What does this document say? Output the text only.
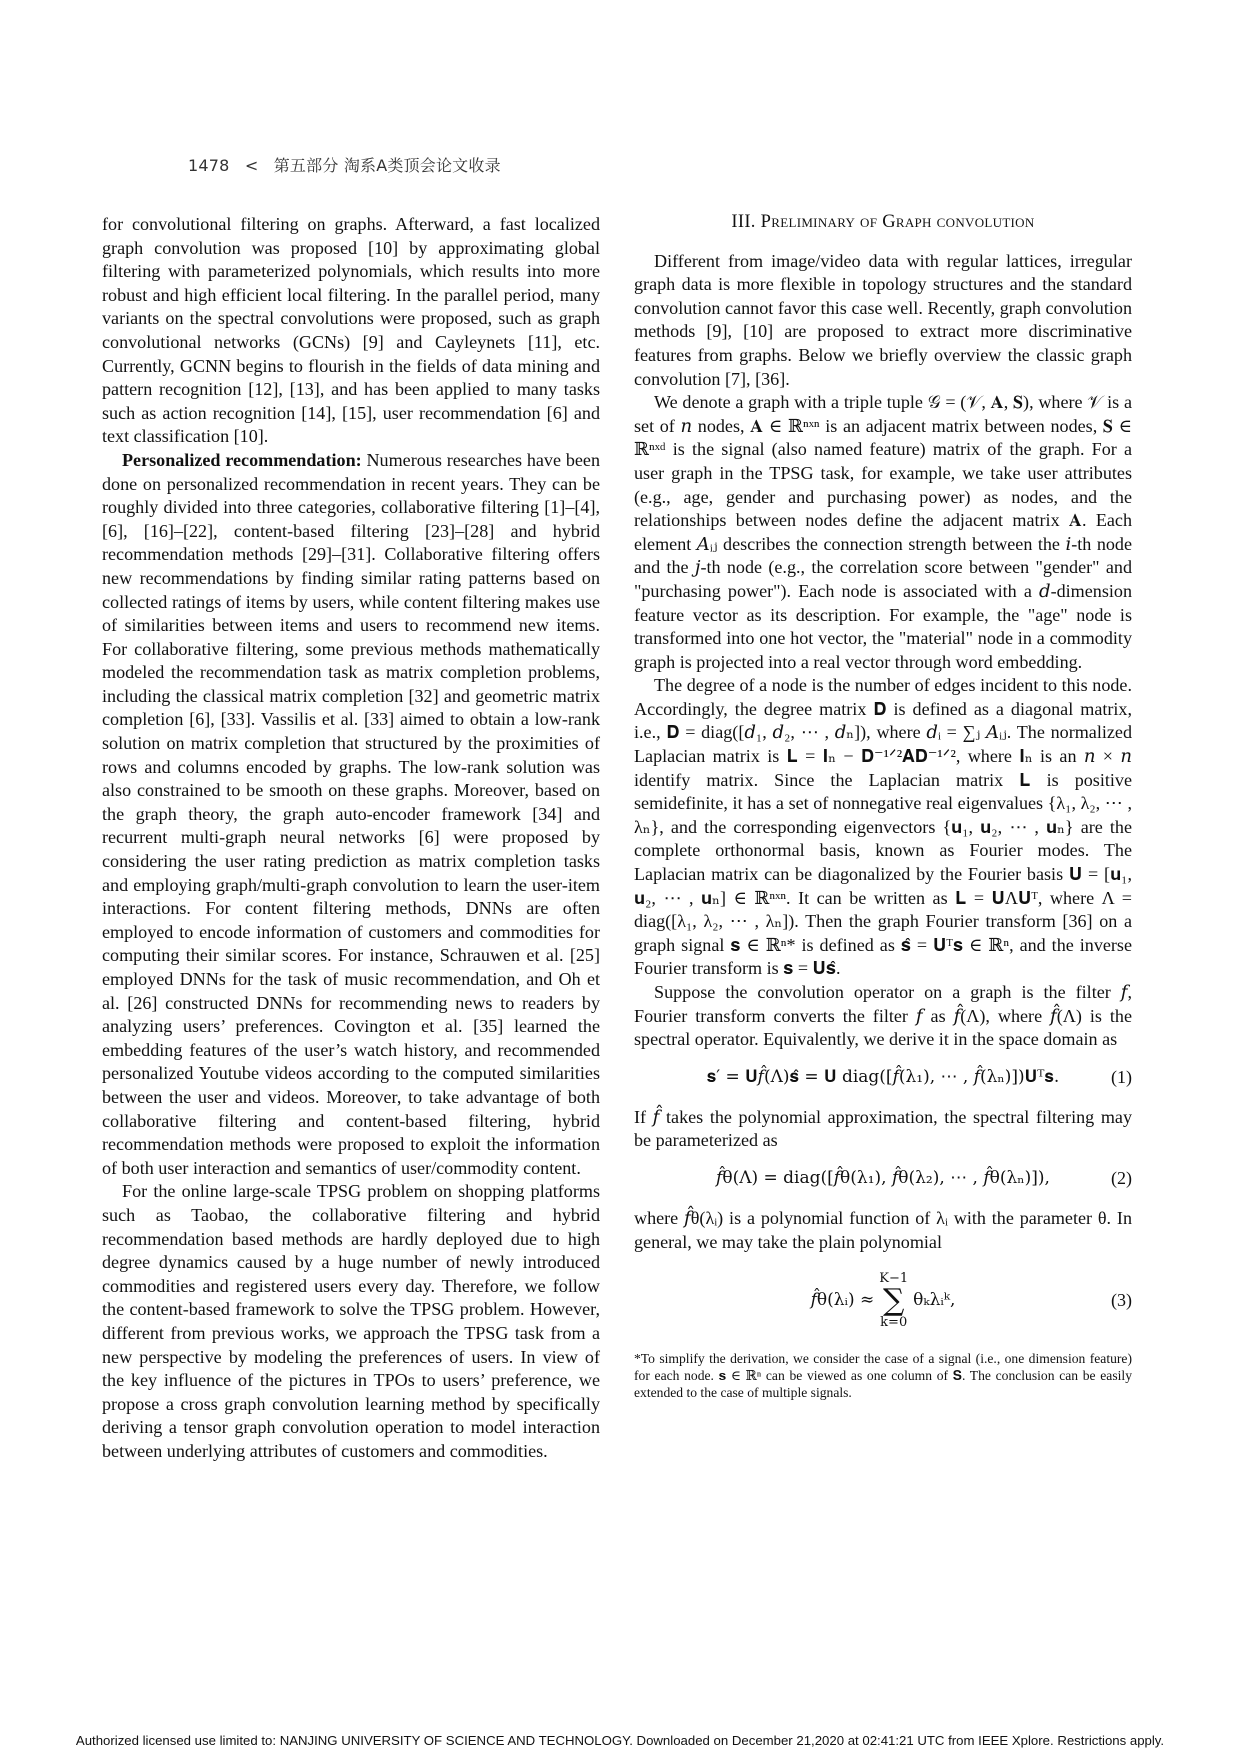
1478 < 第五部分 淘系A类顶会论文收录

for convolutional filtering on graphs. Afterward, a fast localized graph convolution was proposed [10] by approximating global filtering with parameterized polynomials, which results into more robust and high efficient local filtering. In the parallel period, many variants on the spectral convolutions were proposed, such as graph convolutional networks (GCNs) [9] and Cayleynets [11], etc. Currently, GCNN begins to flourish in the fields of data mining and pattern recognition [12], [13], and has been applied to many tasks such as action recognition [14], [15], user recommendation [6] and text classification [10].

Personalized recommendation: Numerous researches have been done on personalized recommendation in recent years. They can be roughly divided into three categories, collaborative filtering [1]–[4], [6], [16]–[22], content-based filtering [23]–[28] and hybrid recommendation methods [29]–[31]. Collaborative filtering offers new recommendations by finding similar rating patterns based on collected ratings of items by users, while content filtering makes use of similarities between items and users to recommend new items. For collaborative filtering, some previous methods mathematically modeled the recommendation task as matrix completion problems, including the classical matrix completion [32] and geometric matrix completion [6], [33]. Vassilis et al. [33] aimed to obtain a low-rank solution on matrix completion that structured by the proximities of rows and columns encoded by graphs. The low-rank solution was also constrained to be smooth on these graphs. Moreover, based on the graph theory, the graph auto-encoder framework [34] and recurrent multi-graph neural networks [6] were proposed by considering the user rating prediction as matrix completion tasks and employing graph/multi-graph convolution to learn the user-item interactions. For content filtering methods, DNNs are often employed to encode information of customers and commodities for computing their similar scores. For instance, Schrauwen et al. [25] employed DNNs for the task of music recommendation, and Oh et al. [26] constructed DNNs for recommending news to readers by analyzing users’ preferences. Covington et al. [35] learned the embedding features of the user’s watch history, and recommended personalized Youtube videos according to the computed similarities between the user and videos. Moreover, to take advantage of both collaborative filtering and content-based filtering, hybrid recommendation methods were proposed to exploit the information of both user interaction and semantics of user/commodity content.

For the online large-scale TPSG problem on shopping platforms such as Taobao, the collaborative filtering and hybrid recommendation based methods are hardly deployed due to high degree dynamics caused by a huge number of newly introduced commodities and registered users every day. Therefore, we follow the content-based framework to solve the TPSG problem. However, different from previous works, we approach the TPSG task from a new perspective by modeling the preferences of users. In view of the key influence of the pictures in TPOs to users’ preference, we propose a cross graph convolution learning method by specifically deriving a tensor graph convolution operation to model interaction between underlying attributes of customers and commodities.

III. Preliminary of Graph convolution

Different from image/video data with regular lattices, irregular graph data is more flexible in topology structures and the standard convolution cannot favor this case well. Recently, graph convolution methods [9], [10] are proposed to extract more discriminative features from graphs. Below we briefly overview the classic graph convolution [7], [36].

We denote a graph with a triple tuple 𝒢 = (𝒱, 𝐀, 𝐒), where 𝒱 is a set of 𝑛 nodes, 𝐀 ∈ ℝⁿˣⁿ is an adjacent matrix between nodes, 𝐒 ∈ ℝⁿˣᵈ is the signal (also named feature) matrix of the graph. For a user graph in the TPSG task, for example, we take user attributes (e.g., age, gender and purchasing power) as nodes, and the relationships between nodes define the adjacent matrix 𝐀. Each element 𝐴ᵢⱼ describes the connection strength between the 𝑖-th node and the 𝑗-th node (e.g., the correlation score between "gender" and "purchasing power"). Each node is associated with a 𝑑-dimension feature vector as its description. For example, the "age" node is transformed into one hot vector, the "material" node in a commodity graph is projected into a real vector through word embedding.

The degree of a node is the number of edges incident to this node. Accordingly, the degree matrix 𝐃 is defined as a diagonal matrix, i.e., 𝐃 = diag([𝑑₁, 𝑑₂, ⋯ , 𝑑ₙ]), where 𝑑ᵢ = ∑ⱼ 𝐴ᵢⱼ. The normalized Laplacian matrix is 𝐋 = 𝐈ₙ − 𝐃⁻¹ᐟ²𝐀𝐃⁻¹ᐟ², where 𝐈ₙ is an 𝑛 × 𝑛 identify matrix. Since the Laplacian matrix 𝐋 is positive semidefinite, it has a set of nonnegative real eigenvalues {λ₁, λ₂, ⋯ , λₙ}, and the corresponding eigenvectors {𝐮₁, 𝐮₂, ⋯ , 𝐮ₙ} are the complete orthonormal basis, known as Fourier modes. The Laplacian matrix can be diagonalized by the Fourier basis 𝐔 = [𝐮₁, 𝐮₂, ⋯ , 𝐮ₙ] ∈ ℝⁿˣⁿ. It can be written as 𝐋 = 𝐔Λ𝐔ᵀ, where Λ = diag([λ₁, λ₂, ⋯ , λₙ]). Then the graph Fourier transform [36] on a graph signal 𝐬 ∈ ℝⁿ* is defined as 𝐬̂ = 𝐔ᵀ𝐬 ∈ ℝⁿ, and the inverse Fourier transform is 𝐬 = 𝐔𝐬̂.

Suppose the convolution operator on a graph is the filter 𝑓, Fourier transform converts the filter 𝑓 as 𝑓̂(Λ), where 𝑓̂(Λ) is the spectral operator. Equivalently, we derive it in the space domain as

𝐬′ = 𝐔𝑓̂(Λ)𝐬̂ = 𝐔 diag([𝑓̂(λ₁), ⋯ , 𝑓̂(λₙ)])𝐔ᵀ𝐬.	(1)

If 𝑓̂ takes the polynomial approximation, the spectral filtering may be parameterized as

𝑓̂θ(Λ) = diag([𝑓̂θ(λ₁), 𝑓̂θ(λ₂), ⋯ , 𝑓̂θ(λₙ)]),	(2)

where 𝑓̂θ(λᵢ) is a polynomial function of λᵢ with the parameter θ. In general, we may take the plain polynomial

𝑓̂θ(λᵢ) ≈
K−1
∑
k=0
θₖλᵢᵏ,	(3)

*To simplify the derivation, we consider the case of a signal (i.e., one dimension feature) for each node. 𝐬 ∈ ℝⁿ can be viewed as one column of 𝐒. The conclusion can be easily extended to the case of multiple signals.

Authorized licensed use limited to: NANJING UNIVERSITY OF SCIENCE AND TECHNOLOGY. Downloaded on December 21,2020 at 02:41:21 UTC from IEEE Xplore. Restrictions apply.
